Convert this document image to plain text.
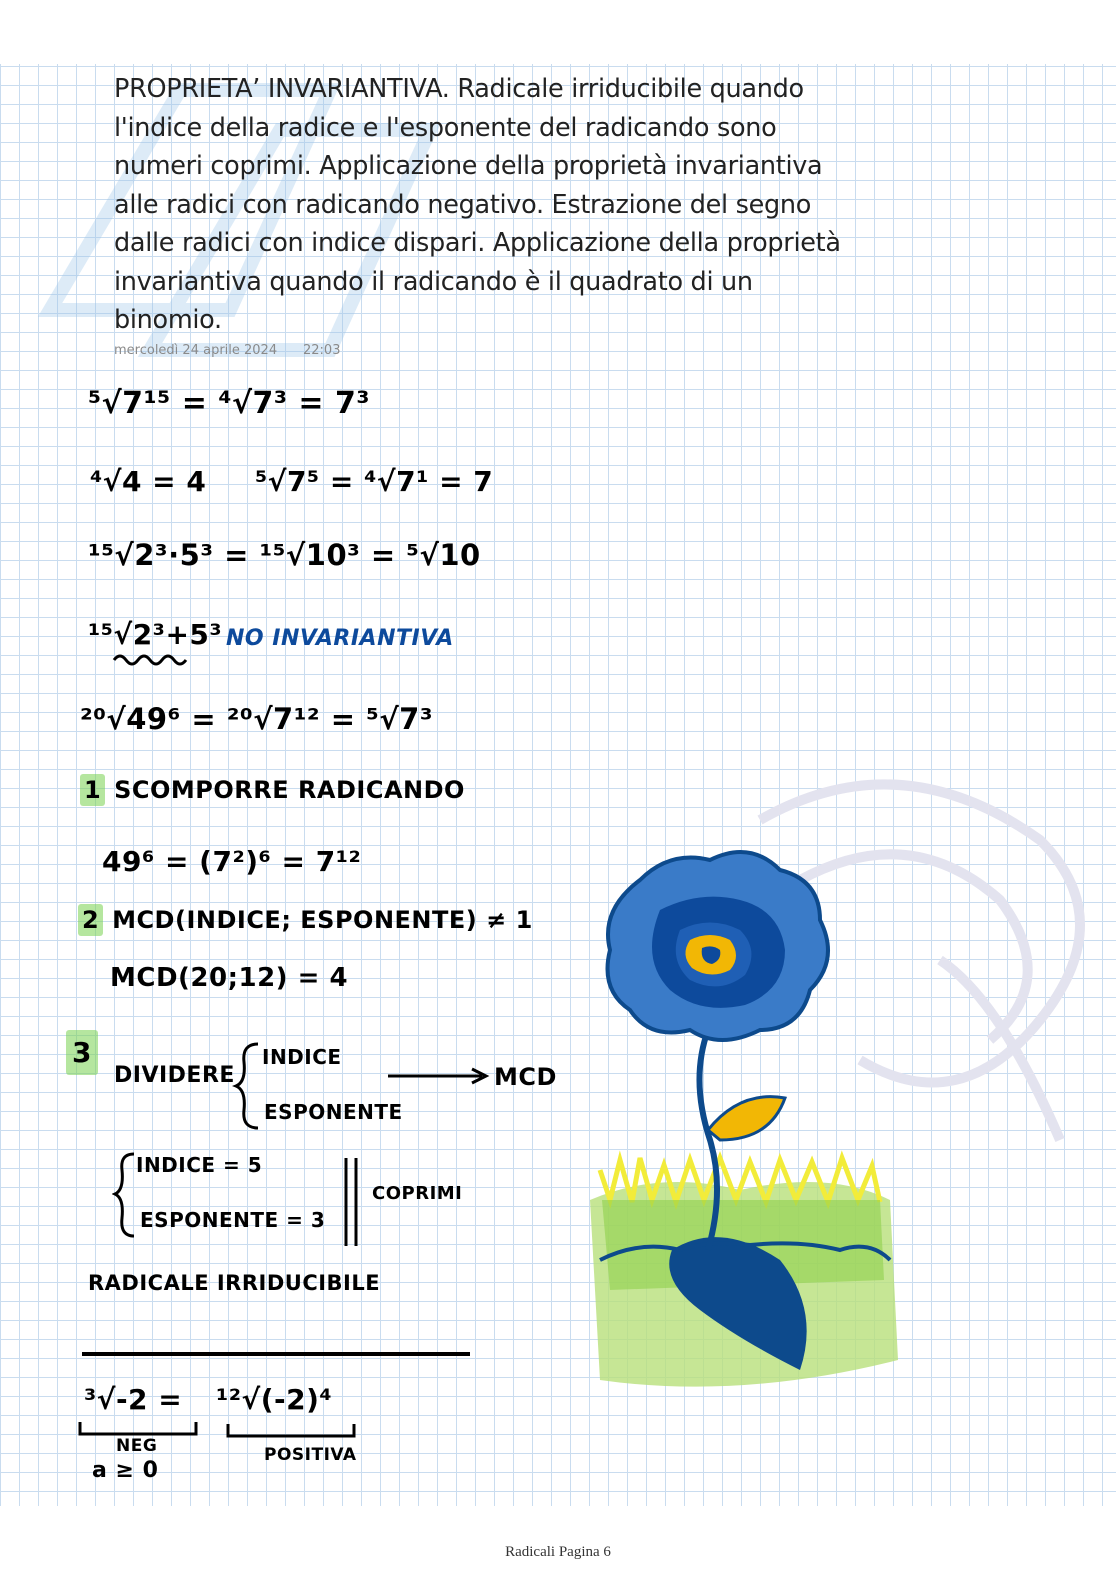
PROPRIETA’ INVARIANTIVA. Radicale irriducibile quando

l'indice della radice e l'esponente del radicando sono

numeri coprimi. Applicazione della proprietà invariantiva

alle radici con radicando negativo. Estrazione del segno

dalle radici con indice dispari. Applicazione della proprietà

invariantiva quando il radicando è il quadrato di un

binomio.

mercoledì 24 aprile 2024 22:03
⁵√7¹⁵ = ⁴√7³ = 7³
⁴√4 = 4 ⁵√7⁵ = ⁴√7¹ = 7
¹⁵√2³·5³ = ¹⁵√10³ = ⁵√10
¹⁵√2³+5³ NO INVARIANTIVA
²⁰√49⁶ = ²⁰√7¹² = ⁵√7³
1 SCOMPORRE RADICANDO
49⁶ = (7²)⁶ = 7¹²
2 MCD(INDICE; ESPONENTE) ≠ 1
MCD(20;12) = 4
3
DIVIDERE
INDICE
ESPONENTE
MCD
INDICE = 5
ESPONENTE = 3
COPRIMI
RADICALE IRRIDUCIBILE
³√-2 = ¹²√(-2)⁴
NEG
a ≥ 0
POSITIVA
Radicali Pagina 6
